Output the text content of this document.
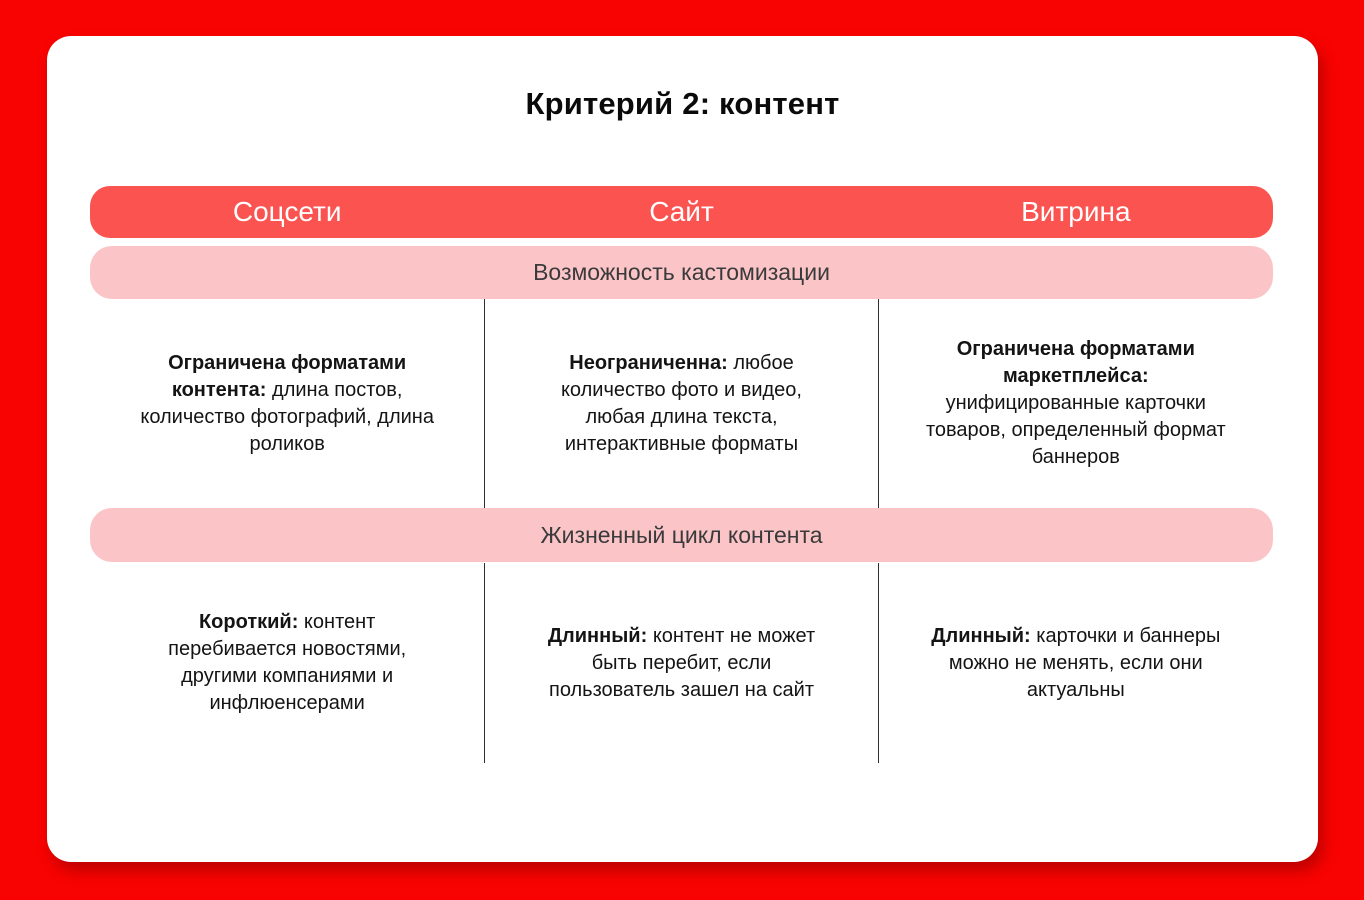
Критерий 2: контент
Соцсети	Сайт	Витрина
Возможность кастомизации
Ограничена форматами контента: длина постов, количество фотографий, длина роликов
Неограниченна: любое количество фото и видео, любая длина текста, интерактивные форматы
Ограничена форматами маркетплейса: унифицированные карточки товаров, определенный формат баннеров
Жизненный цикл контента
Короткий: контент перебивается новостями, другими компаниями и инфлюенсерами
Длинный: контент не может быть перебит, если пользователь зашел на сайт
Длинный: карточки и баннеры можно не менять, если они актуальны
